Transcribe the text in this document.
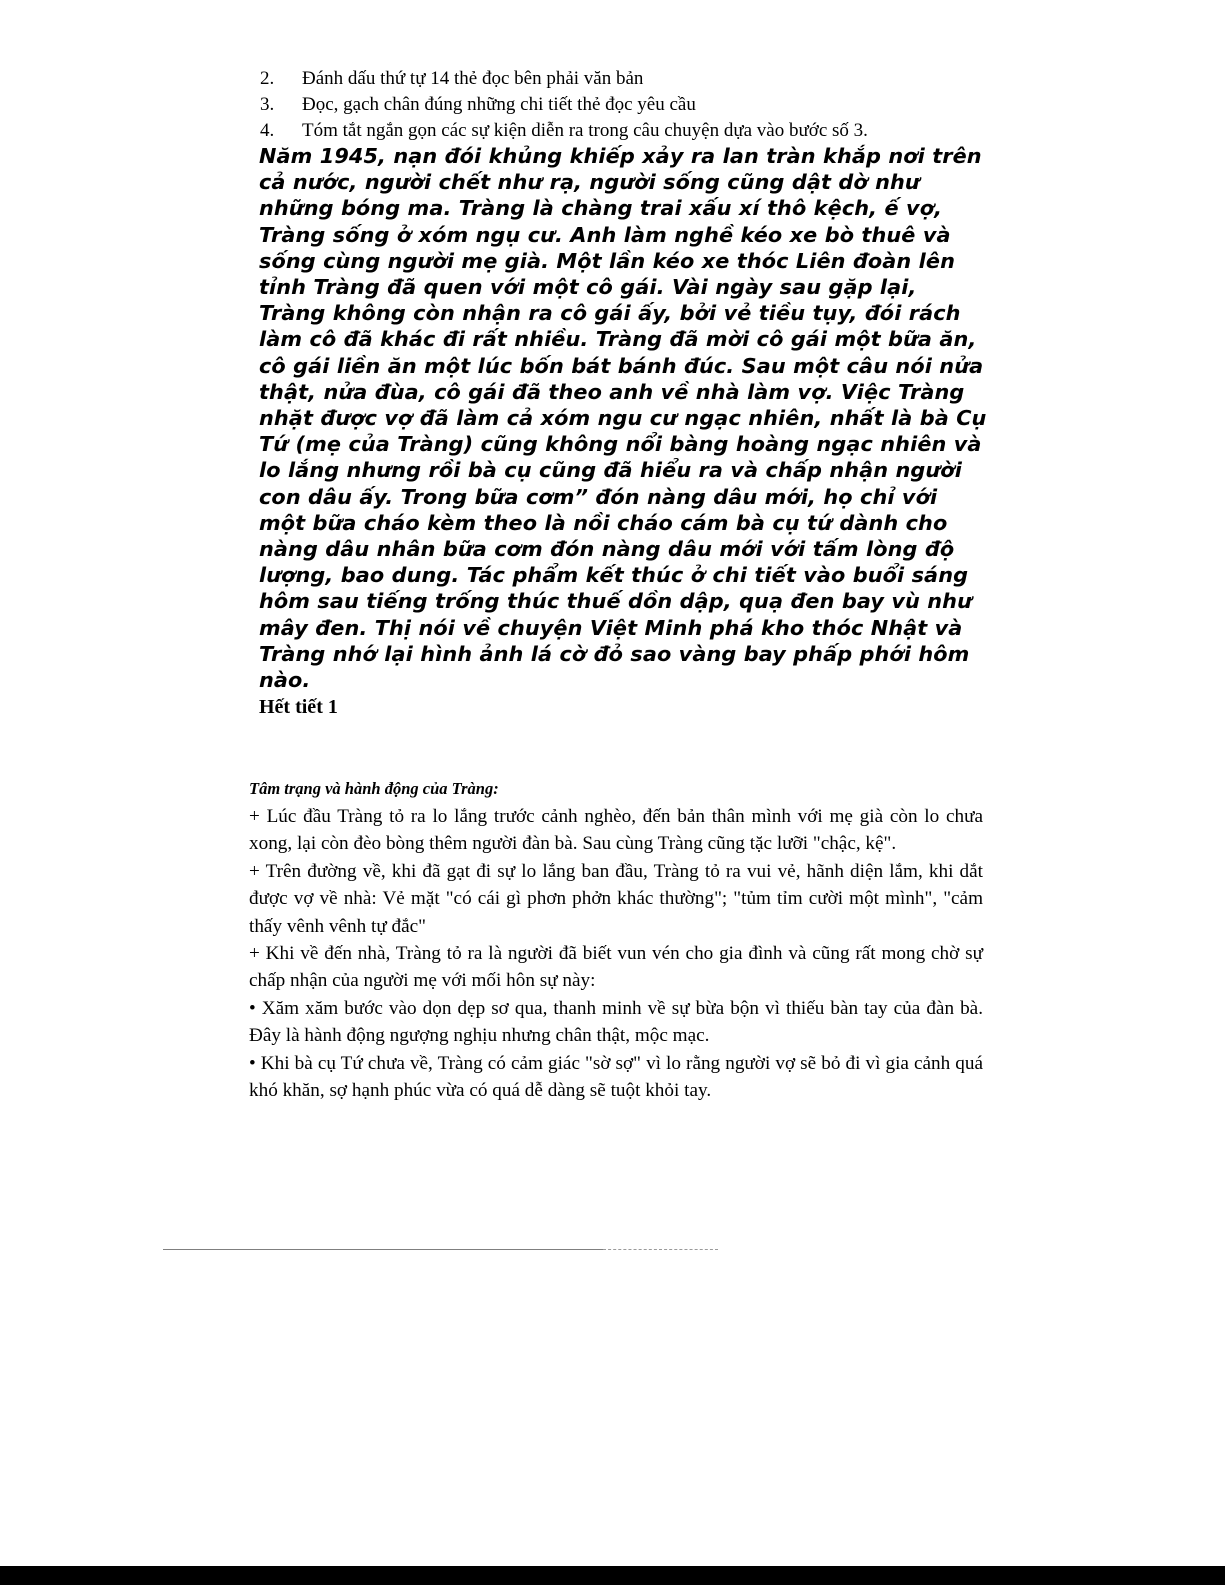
2.	Đánh dấu thứ tự 14 thẻ đọc bên phải văn bản
3.	Đọc, gạch chân đúng những chi tiết thẻ đọc yêu cầu
4.	Tóm tắt ngắn gọn các sự kiện diễn ra trong câu chuyện dựa vào bước số 3.

Năm 1945, nạn đói khủng khiếp xảy ra lan tràn khắp nơi trên cả nước, người chết như rạ, người sống cũng dật dờ như những bóng ma. Tràng là chàng trai xấu xí thô kệch, ế vợ, Tràng sống ở xóm ngụ cư. Anh làm nghề kéo xe bò thuê và sống cùng người mẹ già. Một lần kéo xe thóc Liên đoàn lên tỉnh Tràng đã quen với một cô gái. Vài ngày sau gặp lại, Tràng không còn nhận ra cô gái ấy, bởi vẻ tiều tụy, đói rách làm cô đã khác đi rất nhiều. Tràng đã mời cô gái một bữa ăn, cô gái liền ăn một lúc bốn bát bánh đúc. Sau một câu nói nửa thật, nửa đùa, cô gái đã theo anh về nhà làm vợ. Việc Tràng nhặt được vợ đã làm cả xóm ngu cư ngạc nhiên, nhất là bà Cụ Tứ (mẹ của Tràng) cũng không nổi bàng hoàng ngạc nhiên và lo lắng nhưng rồi bà cụ cũng đã hiểu ra và chấp nhận người con dâu ấy. Trong bữa cơm” đón nàng dâu mới, họ chỉ với một bữa cháo kèm theo là nồi cháo cám bà cụ tứ dành cho nàng dâu nhân bữa cơm đón nàng dâu mới với tấm lòng độ lượng, bao dung. Tác phẩm kết thúc ở chi tiết vào buổi sáng hôm sau tiếng trống thúc thuế dồn dập, quạ đen bay vù như mây đen. Thị nói về chuyện Việt Minh phá kho thóc Nhật và Tràng nhớ lại hình ảnh lá cờ đỏ sao vàng bay phấp phới hôm nào.

Hết tiết 1

Tâm trạng và hành động của Tràng:

+ Lúc đầu Tràng tỏ ra lo lắng trước cảnh nghèo, đến bản thân mình với mẹ già còn lo chưa xong, lại còn đèo bòng thêm người đàn bà. Sau cùng Tràng cũng tặc lưỡi "chậc, kệ".

+ Trên đường về, khi đã gạt đi sự lo lắng ban đầu, Tràng tỏ ra vui vẻ, hãnh diện lắm, khi dắt được vợ về nhà: Vẻ mặt "có cái gì phơn phởn khác thường"; "tủm tỉm cười một mình", "cảm thấy vênh vênh tự đắc"

+ Khi về đến nhà, Tràng tỏ ra là người đã biết vun vén cho gia đình và cũng rất mong chờ sự chấp nhận của người mẹ với mối hôn sự này:

• Xăm xăm bước vào dọn dẹp sơ qua, thanh minh về sự bừa bộn vì thiếu bàn tay của đàn bà. Đây là hành động ngượng nghịu nhưng chân thật, mộc mạc.

• Khi bà cụ Tứ chưa về, Tràng có cảm giác "sờ sợ" vì lo rằng người vợ sẽ bỏ đi vì gia cảnh quá khó khăn, sợ hạnh phúc vừa có quá dễ dàng sẽ tuột khỏi tay.
